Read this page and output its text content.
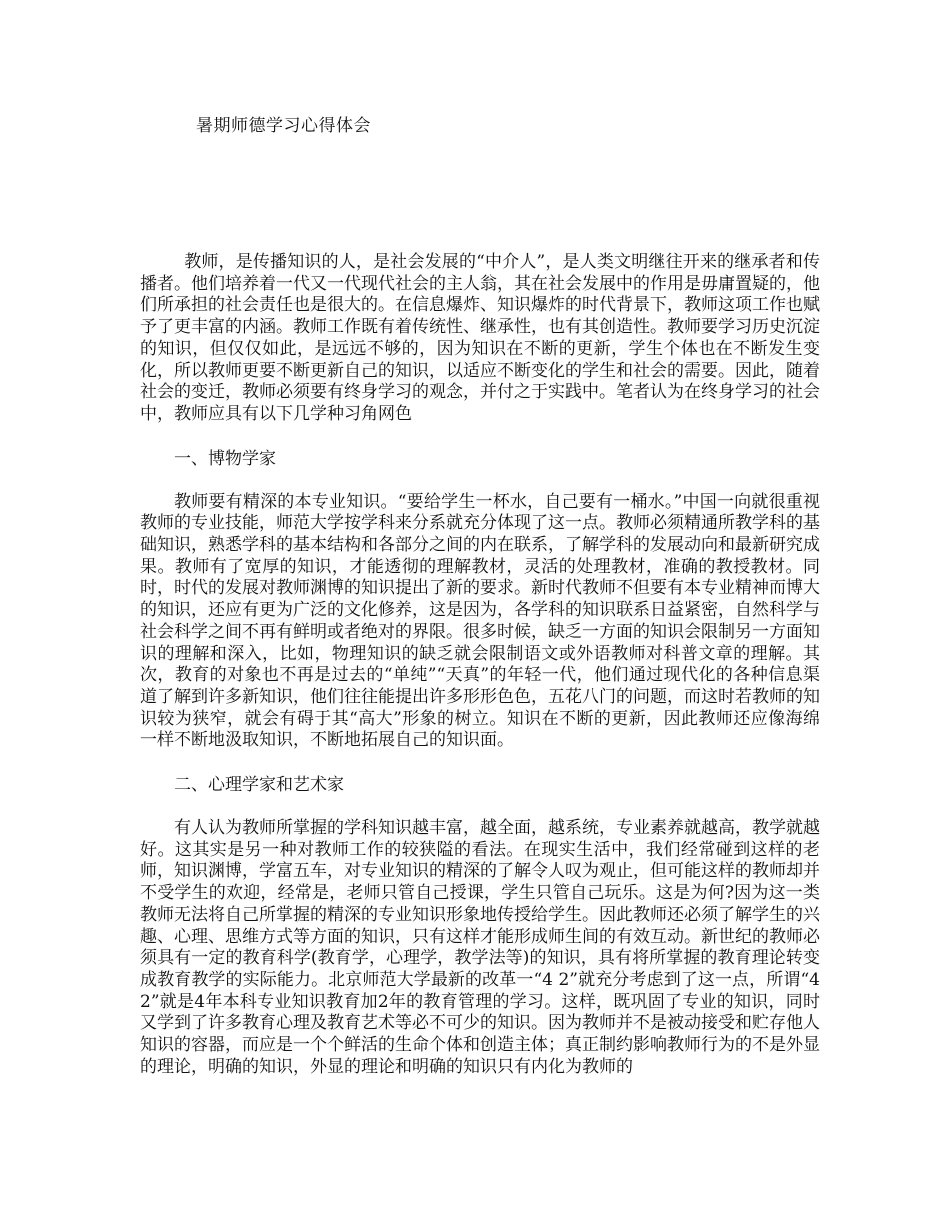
暑期师德学习心得体会

教师，是传播知识的人，是社会发展的“中介人”，是人类文明继往开来的继承者和传播者。他们培养着一代又一代现代社会的主人翁，其在社会发展中的作用是毋庸置疑的，他们所承担的社会责任也是很大的。在信息爆炸、知识爆炸的时代背景下，教师这项工作也赋予了更丰富的内涵。教师工作既有着传统性、继承性，也有其创造性。教师要学习历史沉淀的知识，但仅仅如此，是远远不够的，因为知识在不断的更新，学生个体也在不断发生变化，所以教师更要不断更新自己的知识，以适应不断变化的学生和社会的需要。因此，随着社会的变迁，教师必须要有终身学习的观念，并付之于实践中。笔者认为在终身学习的社会中，教师应具有以下几学种习角网色

一、博物学家

教师要有精深的本专业知识。“要给学生一杯水，自己要有一桶水。”中国一向就很重视教师的专业技能，师范大学按学科来分系就充分体现了这一点。教师必须精通所教学科的基础知识，熟悉学科的基本结构和各部分之间的内在联系，了解学科的发展动向和最新研究成果。教师有了宽厚的知识，才能透彻的理解教材，灵活的处理教材，准确的教授教材。同时，时代的发展对教师渊博的知识提出了新的要求。新时代教师不但要有本专业精神而博大的知识，还应有更为广泛的文化修养，这是因为，各学科的知识联系日益紧密，自然科学与社会科学之间不再有鲜明或者绝对的界限。很多时候，缺乏一方面的知识会限制另一方面知识的理解和深入，比如，物理知识的缺乏就会限制语文或外语教师对科普文章的理解。其次，教育的对象也不再是过去的“单纯”“天真”的年轻一代，他们通过现代化的各种信息渠道了解到许多新知识，他们往往能提出许多形形色色，五花八门的问题，而这时若教师的知识较为狭窄，就会有碍于其“高大”形象的树立。知识在不断的更新，因此教师还应像海绵一样不断地汲取知识，不断地拓展自己的知识面。

二、心理学家和艺术家

有人认为教师所掌握的学科知识越丰富，越全面，越系统，专业素养就越高，教学就越好。这其实是另一种对教师工作的较狭隘的看法。在现实生活中，我们经常碰到这样的老师，知识渊博，学富五车，对专业知识的精深的了解令人叹为观止，但可能这样的教师却并不受学生的欢迎，经常是，老师只管自己授课，学生只管自己玩乐。这是为何?因为这一类教师无法将自己所掌握的精深的专业知识形象地传授给学生。因此教师还必须了解学生的兴趣、心理、思维方式等方面的知识，只有这样才能形成师生间的有效互动。新世纪的教师必须具有一定的教育科学(教育学，心理学，教学法等)的知识，具有将所掌握的教育理论转变成教育教学的实际能力。北京师范大学最新的改革一“4 2”就充分考虑到了这一点，所谓“4 2”就是4年本科专业知识教育加2年的教育管理的学习。这样，既巩固了专业的知识，同时又学到了许多教育心理及教育艺术等必不可少的知识。因为教师并不是被动接受和贮存他人知识的容器，而应是一个个鲜活的生命个体和创造主体；真正制约影响教师行为的不是外显的理论，明确的知识，外显的理论和明确的知识只有内化为教师的
